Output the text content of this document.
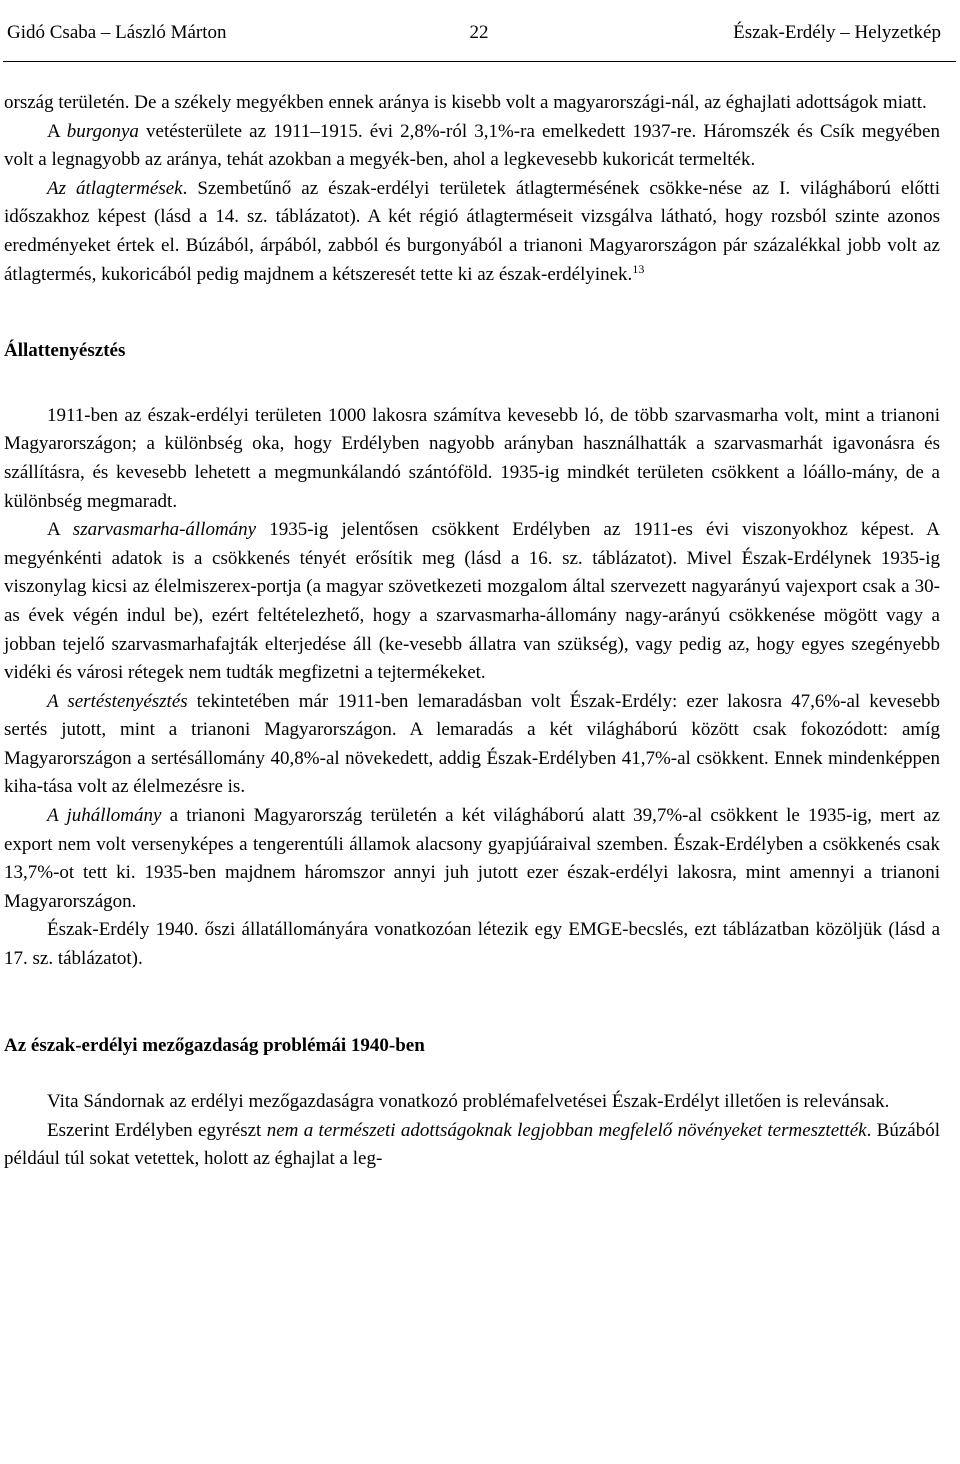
Gidó Csaba – László Márton	22	Észak-Erdély – Helyzetkép

ország területén. De a székely megyékben ennek aránya is kisebb volt a magyarországi-nál, az éghajlati adottságok miatt.

A burgonya vetésterülete az 1911–1915. évi 2,8%-ról 3,1%-ra emelkedett 1937-re. Háromszék és Csík megyében volt a legnagyobb az aránya, tehát azokban a megyék-ben, ahol a legkevesebb kukoricát termelték.

Az átlagtermések. Szembetűnő az észak-erdélyi területek átlagtermésének csökke-nése az I. világháború előtti időszakhoz képest (lásd a 14. sz. táblázatot). A két régió átlagterméseit vizsgálva látható, hogy rozsból szinte azonos eredményeket értek el. Búzából, árpából, zabból és burgonyából a trianoni Magyarországon pár százalékkal jobb volt az átlagtermés, kukoricából pedig majdnem a kétszeresét tette ki az észak-erdélyinek.$^{13}$

Állattenyésztés

1911-ben az észak-erdélyi területen 1000 lakosra számítva kevesebb ló, de több szarvasmarha volt, mint a trianoni Magyarországon; a különbség oka, hogy Erdélyben nagyobb arányban használhatták a szarvasmarhát igavonásra és szállításra, és kevesebb lehetett a megmunkálandó szántóföld. 1935-ig mindkét területen csökkent a lóállo-mány, de a különbség megmaradt.

A szarvasmarha-állomány 1935-ig jelentősen csökkent Erdélyben az 1911-es évi viszonyokhoz képest. A megyénkénti adatok is a csökkenés tényét erősítik meg (lásd a 16. sz. táblázatot). Mivel Észak-Erdélynek 1935-ig viszonylag kicsi az élelmiszerex-portja (a magyar szövetkezeti mozgalom által szervezett nagyarányú vajexport csak a 30-as évek végén indul be), ezért feltételezhető, hogy a szarvasmarha-állomány nagy-arányú csökkenése mögött vagy a jobban tejelő szarvasmarhafajták elterjedése áll (ke-vesebb állatra van szükség), vagy pedig az, hogy egyes szegényebb vidéki és városi rétegek nem tudták megfizetni a tejtermékeket.

A sertéstenyésztés tekintetében már 1911-ben lemaradásban volt Észak-Erdély: ezer lakosra 47,6%-al kevesebb sertés jutott, mint a trianoni Magyarországon. A lemaradás a két világháború között csak fokozódott: amíg Magyarországon a sertésállomány 40,8%-al növekedett, addig Észak-Erdélyben 41,7%-al csökkent. Ennek mindenképpen kiha-tása volt az élelmezésre is.

A juhállomány a trianoni Magyarország területén a két világháború alatt 39,7%-al csökkent le 1935-ig, mert az export nem volt versenyképes a tengerentúli államok alacsony gyapjúáraival szemben. Észak-Erdélyben a csökkenés csak 13,7%-ot tett ki. 1935-ben majdnem háromszor annyi juh jutott ezer észak-erdélyi lakosra, mint amennyi a trianoni Magyarországon.

Észak-Erdély 1940. őszi állatállományára vonatkozóan létezik egy EMGE-becslés, ezt táblázatban közöljük (lásd a 17. sz. táblázatot).

Az észak-erdélyi mezőgazdaság problémái 1940-ben

Vita Sándornak az erdélyi mezőgazdaságra vonatkozó problémafelvetései Észak-Erdélyt illetően is relevánsak.

Eszerint Erdélyben egyrészt nem a természeti adottságoknak legjobban megfelelő növényeket termesztették. Búzából például túl sokat vetettek, holott az éghajlat a leg-
